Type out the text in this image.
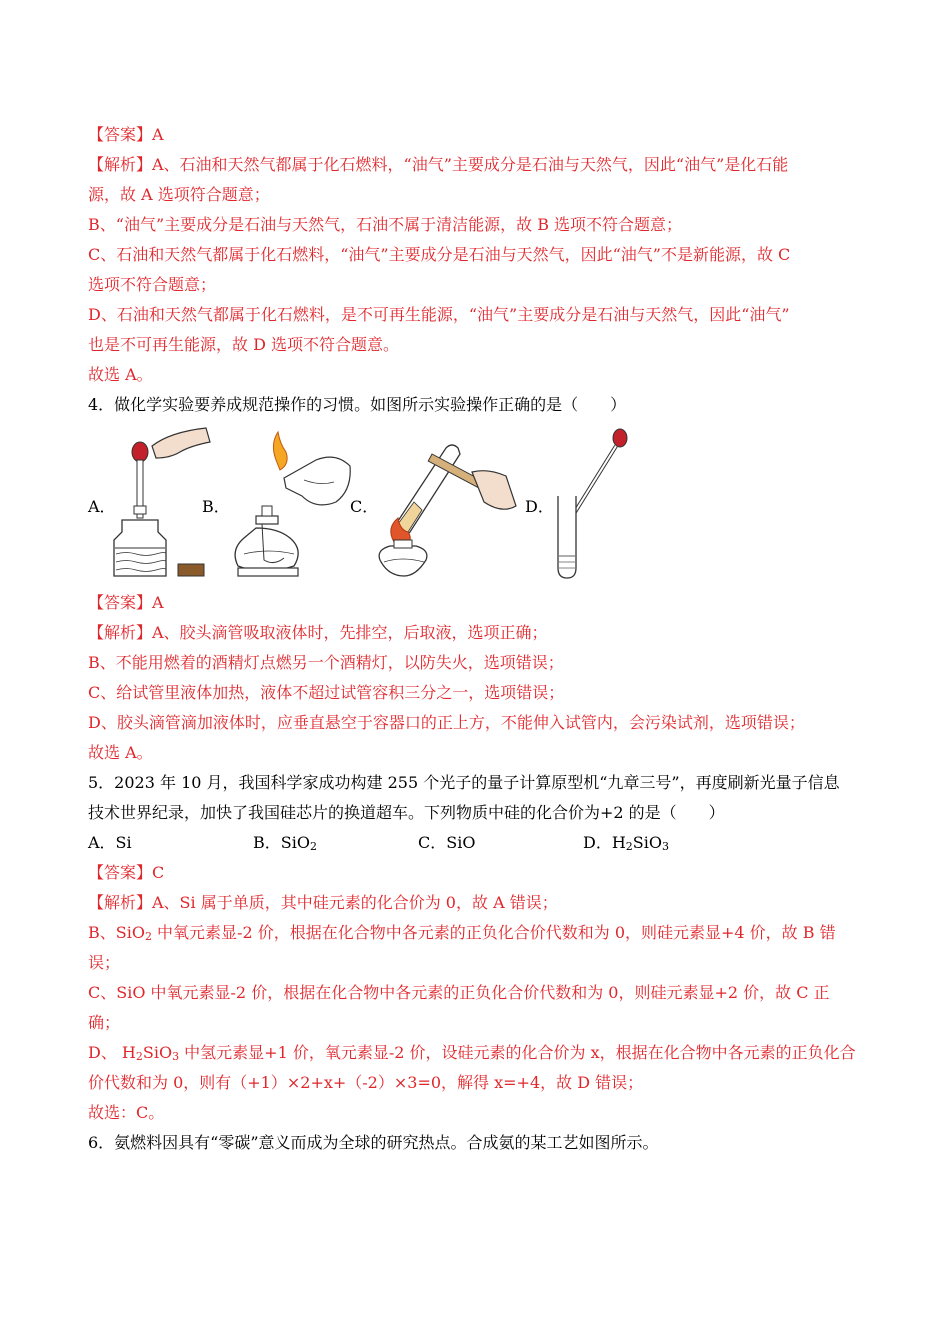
【答案】A
【解析】A、石油和天然气都属于化石燃料，“油气”主要成分是石油与天然气，因此“油气”是化石能
源，故 A 选项符合题意；
B、“油气”主要成分是石油与天然气，石油不属于清洁能源，故 B 选项不符合题意；
C、石油和天然气都属于化石燃料，“油气”主要成分是石油与天然气，因此“油气”不是新能源，故 C
选项不符合题意；
D、石油和天然气都属于化石燃料，是不可再生能源，“油气”主要成分是石油与天然气，因此“油气”
也是不可再生能源，故 D 选项不符合题意。
故选 A。
4．做化学实验要养成规范操作的习惯。如图所示实验操作正确的是（　　）
A．	B．	C．	D．
【答案】A
【解析】A、胶头滴管吸取液体时，先排空，后取液，选项正确；
B、不能用燃着的酒精灯点燃另一个酒精灯，以防失火，选项错误；
C、给试管里液体加热，液体不超过试管容积三分之一，选项错误；
D、胶头滴管滴加液体时，应垂直悬空于容器口的正上方，不能伸入试管内，会污染试剂，选项错误；
故选 A。
5．2023 年 10 月，我国科学家成功构建 255 个光子的量子计算原型机“九章三号”，再度刷新光量子信息
技术世界纪录，加快了我国硅芯片的换道超车。下列物质中硅的化合价为+2 的是（　　）
A．Si	B．SiO$_2$	C．SiO	D．$H_2SiO_3$
【答案】C
【解析】A、Si 属于单质，其中硅元素的化合价为 0，故 A 错误；
B、SiO$_2$ 中氧元素显-2 价，根据在化合物中各元素的正负化合价代数和为 0，则硅元素显+4 价，故 B 错
误；
C、SiO 中氧元素显-2 价，根据在化合物中各元素的正负化合价代数和为 0，则硅元素显+2 价，故 C 正
确；
D、 $H_2SiO_3$ 中氢元素显+1 价，氧元素显-2 价，设硅元素的化合价为 x，根据在化合物中各元素的正负化合
价代数和为 0，则有（+1）×2+x+（-2）×3=0，解得 x=+4，故 D 错误；
故选：C。
6．氨燃料因具有“零碳”意义而成为全球的研究热点。合成氨的某工艺如图所示。
